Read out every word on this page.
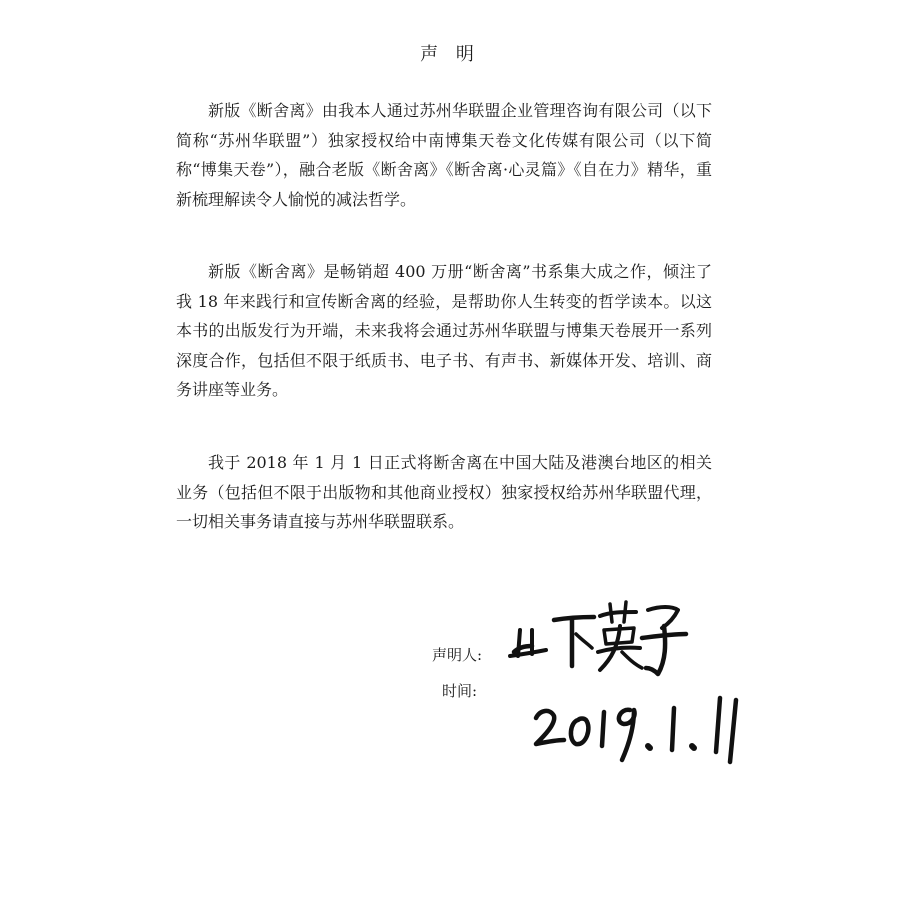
声 明

新版《断舍离》由我本人通过苏州华联盟企业管理咨询有限公司（以下简称“苏州华联盟”）独家授权给中南博集天卷文化传媒有限公司（以下简称“博集天卷”），融合老版《断舍离》《断舍离·心灵篇》《自在力》精华，重新梳理解读令人愉悦的减法哲学。

新版《断舍离》是畅销超 400 万册“断舍离”书系集大成之作，倾注了我 18 年来践行和宣传断舍离的经验，是帮助你人生转变的哲学读本。以这本书的出版发行为开端，未来我将会通过苏州华联盟与博集天卷展开一系列深度合作，包括但不限于纸质书、电子书、有声书、新媒体开发、培训、商务讲座等业务。

我于 2018 年 1 月 1 日正式将断舍离在中国大陆及港澳台地区的相关业务（包括但不限于出版物和其他商业授权）独家授权给苏州华联盟代理，一切相关事务请直接与苏州华联盟联系。

声明人:
时间:
